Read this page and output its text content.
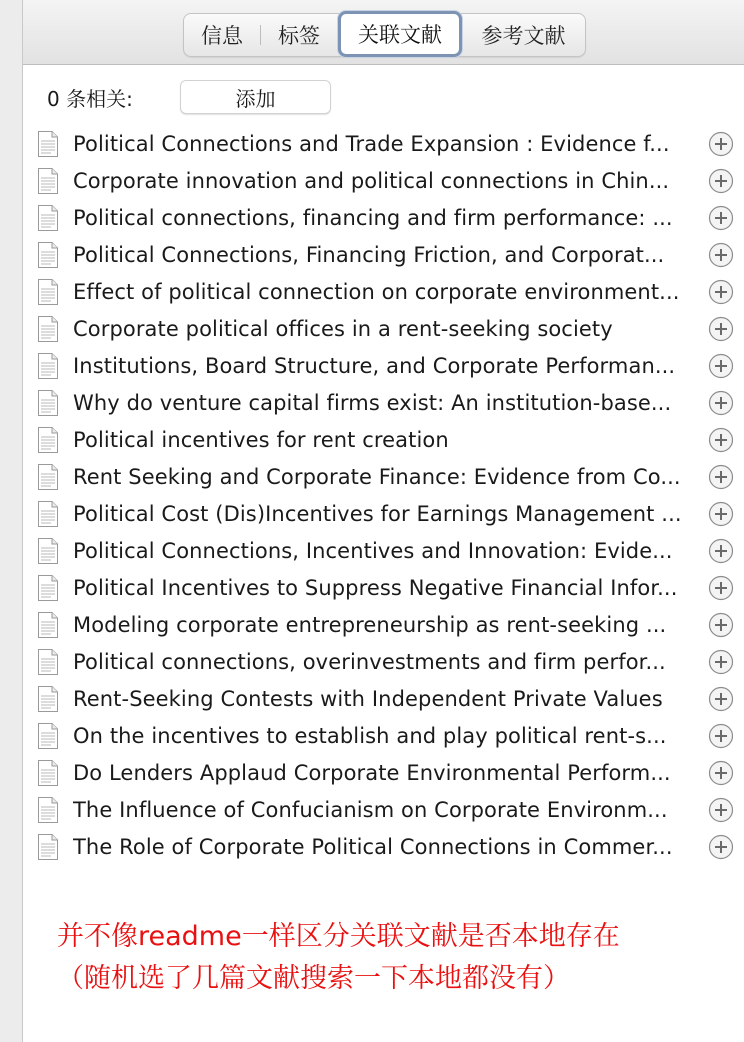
信息	标签	关联文献	参考文献
0 条相关:	添加
Political Connections and Trade Expansion : Evidence f...
Corporate innovation and political connections in Chin...
Political connections, financing and firm performance: ...
Political Connections, Financing Friction, and Corporat...
Effect of political connection on corporate environment...
Corporate political offices in a rent-seeking society
Institutions, Board Structure, and Corporate Performan...
Why do venture capital firms exist: An institution-base...
Political incentives for rent creation
Rent Seeking and Corporate Finance: Evidence from Co...
Political Cost (Dis)Incentives for Earnings Management ...
Political Connections, Incentives and Innovation: Evide...
Political Incentives to Suppress Negative Financial Infor...
Modeling corporate entrepreneurship as rent-seeking ...
Political connections, overinvestments and firm perfor...
Rent-Seeking Contests with Independent Private Values
On the incentives to establish and play political rent-s...
Do Lenders Applaud Corporate Environmental Perform...
The Influence of Confucianism on Corporate Environm...
The Role of Corporate Political Connections in Commer...
并不像readme一样区分关联文献是否本地存在
（随机选了几篇文献搜索一下本地都没有）
